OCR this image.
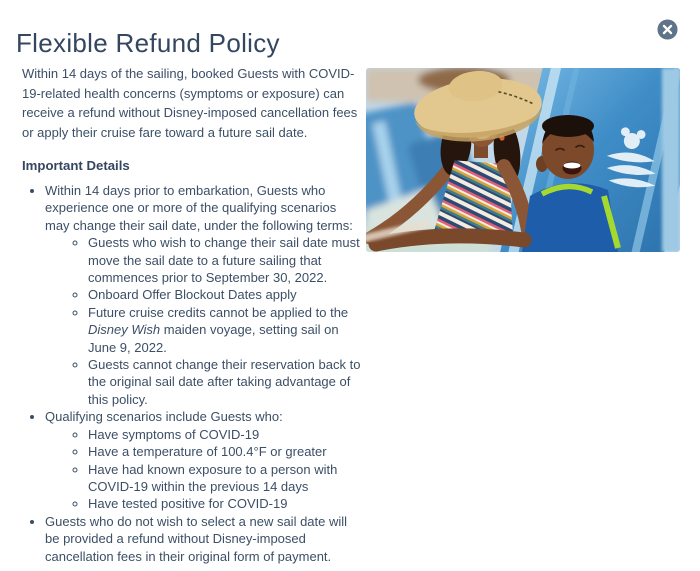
Flexible Refund Policy

Within 14 days of the sailing, booked Guests with COVID-19-related health concerns (symptoms or exposure) can receive a refund without Disney-imposed cancellation fees or apply their cruise fare toward a future sail date.

Important Details

• Within 14 days prior to embarkation, Guests who experience one or more of the qualifying scenarios may change their sail date, under the following terms:
◦ Guests who wish to change their sail date must move the sail date to a future sailing that commences prior to September 30, 2022.
◦ Onboard Offer Blockout Dates apply
◦ Future cruise credits cannot be applied to the Disney Wish maiden voyage, setting sail on June 9, 2022.
◦ Guests cannot change their reservation back to the original sail date after taking advantage of this policy.
• Qualifying scenarios include Guests who:
◦ Have symptoms of COVID-19
◦ Have a temperature of 100.4°F or greater
◦ Have had known exposure to a person with COVID-19 within the previous 14 days
◦ Have tested positive for COVID-19
• Guests who do not wish to select a new sail date will be provided a refund without Disney-imposed cancellation fees in their original form of payment.
